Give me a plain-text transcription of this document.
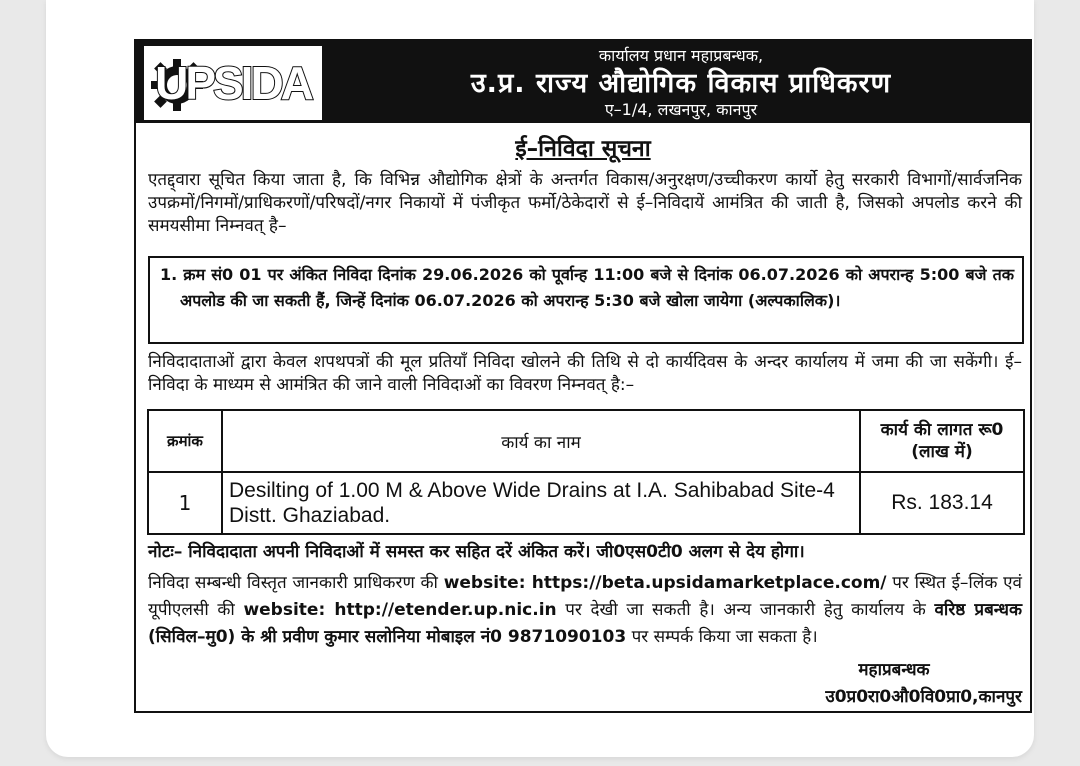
UPSIDA
कार्यालय प्रधान महाप्रबन्धक,
उ.प्र. राज्य औद्योगिक विकास प्राधिकरण
ए–1/4, लखनपुर, कानपुर
ई–निविदा सूचना
एतद्द्वारा सूचित किया जाता है, कि विभिन्न औद्योगिक क्षेत्रों के अन्तर्गत विकास/अनुरक्षण/उच्चीकरण कार्यो हेतु सरकारी विभागों/सार्वजनिक उपक्रमों/निगमों/प्राधिकरणों/परिषदों/नगर निकायों में पंजीकृत फर्मो/ठेकेदारों से ई–निविदायें आमंत्रित की जाती है, जिसको अपलोड करने की समयसीमा निम्नवत् है–
1. क्रम सं0 01 पर अंकित निविदा दिनांक 29.06.2026 को पूर्वान्ह 11:00 बजे से दिनांक 06.07.2026 को अपरान्ह 5:00 बजे तक अपलोड की जा सकती हैं, जिन्हें दिनांक 06.07.2026 को अपरान्ह 5:30 बजे खोला जायेगा (अल्पकालिक)।
निविदादाताओं द्वारा केवल शपथपत्रों की मूल प्रतियाँ निविदा खोलने की तिथि से दो कार्यदिवस के अन्दर कार्यालय में जमा की जा सकेंगी। ई–निविदा के माध्यम से आमंत्रित की जाने वाली निविदाओं का विवरण निम्नवत् है:–
क्रमांक	कार्य का नाम	कार्य की लागत रू0 (लाख में)
1	Desilting of 1.00 M & Above Wide Drains at I.A. Sahibabad Site-4 Distt. Ghaziabad.	Rs. 183.14
नोटः– निविदादाता अपनी निविदाओं में समस्त कर सहित दरें अंकित करें। जी0एस0टी0 अलग से देय होगा।
निविदा सम्बन्धी विस्तृत जानकारी प्राधिकरण की website: https://beta.upsidamarketplace.com/ पर स्थित ई–लिंक एवं यूपीएलसी की website: http://etender.up.nic.in पर देखी जा सकती है। अन्य जानकारी हेतु कार्यालय के वरिष्ठ प्रबन्धक (सिविल–मु0) के श्री प्रवीण कुमार सलोनिया मोबाइल नं0 9871090103 पर सम्पर्क किया जा सकता है।
महाप्रबन्धक
उ0प्र0रा0औ0वि0प्रा0,कानपुर
